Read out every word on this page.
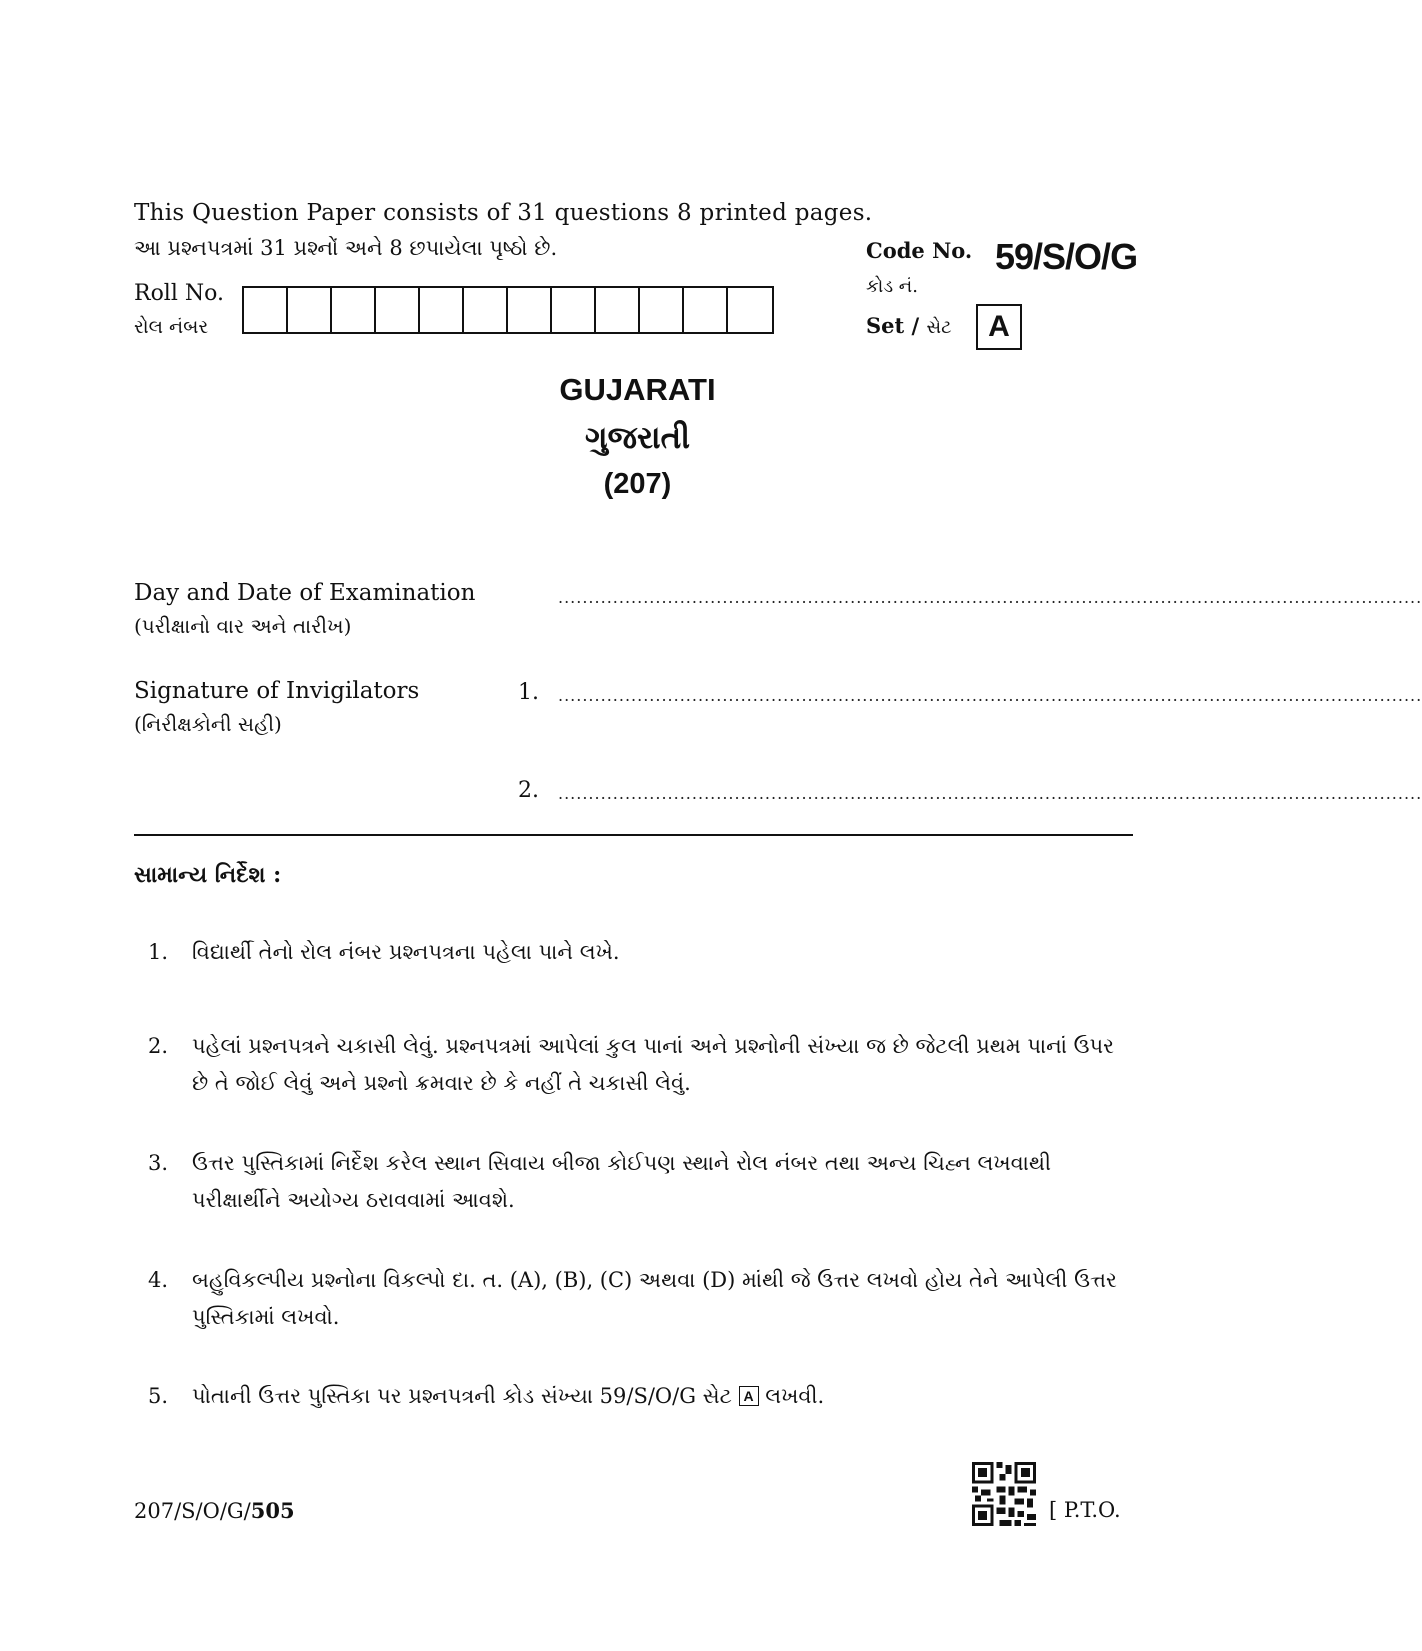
This Question Paper consists of 31 questions 8 printed pages.
આ પ્રશ્નપત્રમાં 31 પ્રશ્નોં અને 8 છપાયેલા પૃષ્ઠો છે.
Roll No.
રોલ નંબર
Code No. 59/S/O/G
કોડ નં.
Set / સેટ	A
GUJARATI
ગુજરાતી
(207)
Day and Date of Examination
(પરીક્ષાનો વાર અને તારીખ)
..............................................................................................................................................
Signature of Invigilators
(નિરીક્ષકોની સહી)
1. ..............................................................................................................................................
2. ..............................................................................................................................................
સામાન્ય નિર્દેશ :
1. વિદ્યાર્થી તેનો રોલ નંબર પ્રશ્નપત્રના પહેલા પાને લખે.
2. પહેલાં પ્રશ્નપત્રને ચકાસી લેવું. પ્રશ્નપત્રમાં આપેલાં કુલ પાનાં અને પ્રશ્નોની સંખ્યા જ છે જેટલી પ્રથમ પાનાં ઉપર છે તે જોઈ લેવું અને પ્રશ્નો ક્રમવાર છે કે નહીં તે ચકાસી લેવું.
3. ઉત્તર પુસ્તિકામાં નિર્દેશ કરેલ સ્થાન સિવાય બીજા કોઈપણ સ્થાને રોલ નંબર તથા અન્ય ચિહ્ન લખવાથી પરીક્ષાર્થીને અયોગ્ય ઠરાવવામાં આવશે.
4. બહુવિકલ્પીય પ્રશ્નોના વિકલ્પો દા. ત. (A), (B), (C) અથવા (D) માંથી જે ઉત્તર લખવો હોય તેને આપેલી ઉત્તર પુસ્તિકામાં લખવો.
5. પોતાની ઉત્તર પુસ્તિકા પર પ્રશ્નપત્રની કોડ સંખ્યા 59/S/O/G સેટ A લખવી.
207/S/O/G/505	[ P.T.O.
